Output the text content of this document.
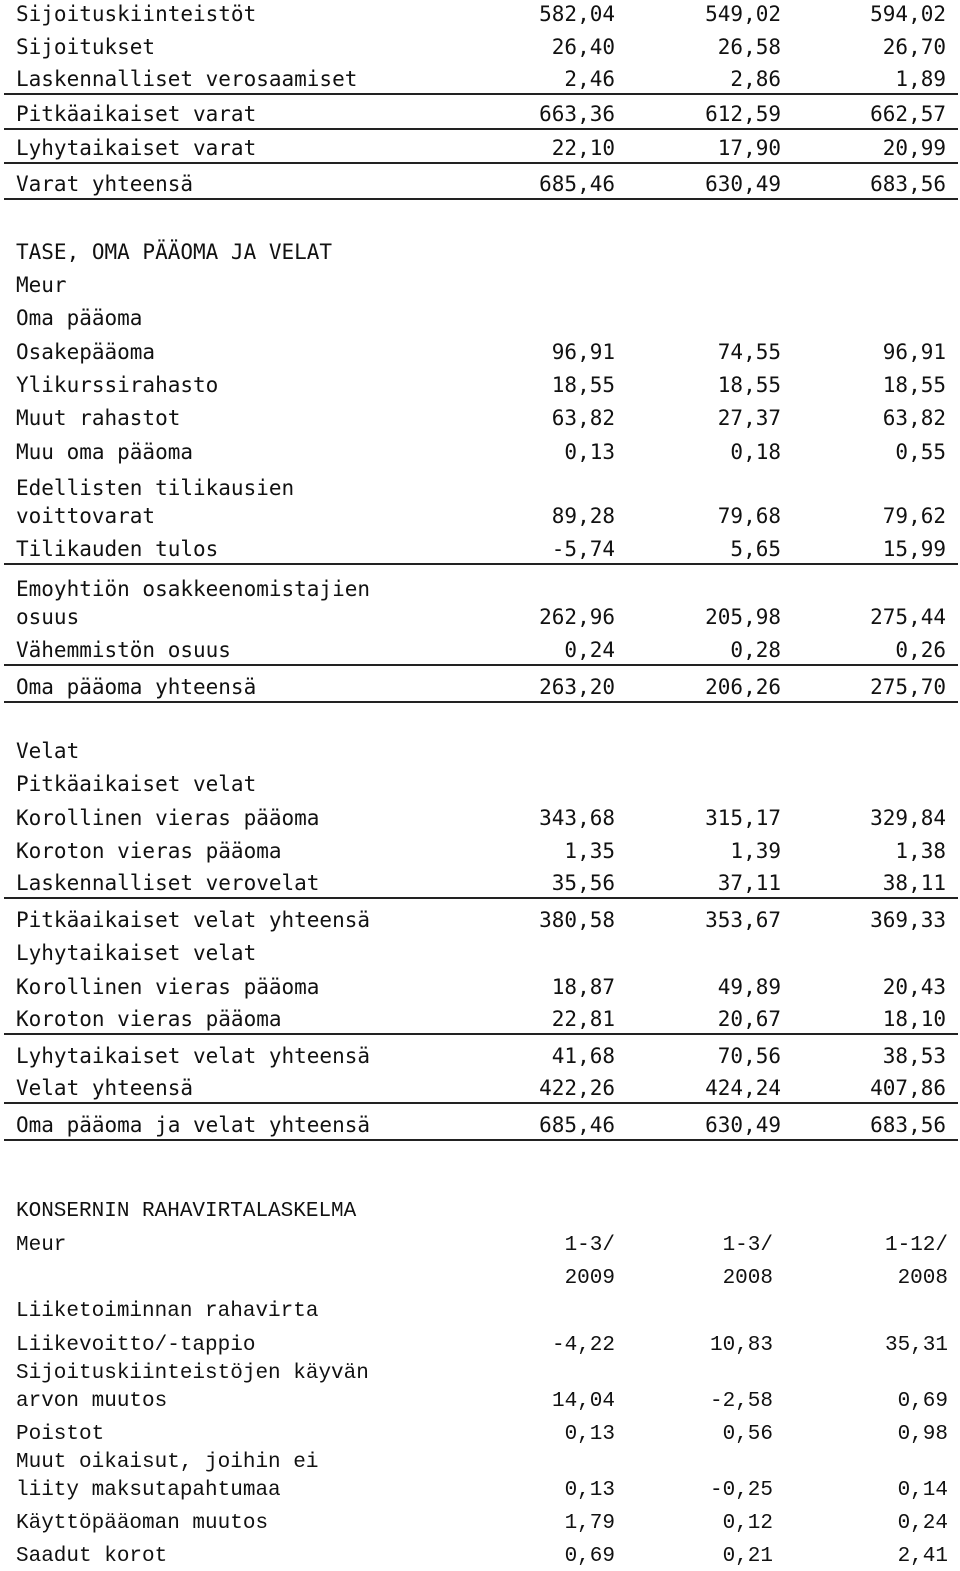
Sijoituskiinteistöt	582,04	549,02	594,02
Sijoitukset	26,40	26,58	26,70
Laskennalliset verosaamiset	2,46	2,86	1,89
Pitkäaikaiset varat	663,36	612,59	662,57
Lyhytaikaiset varat	22,10	17,90	20,99
Varat yhteensä	685,46	630,49	683,56

TASE, OMA PÄÄOMA JA VELAT			
Meur			
Oma pääoma			
Osakepääoma	96,91	74,55	96,91
Ylikurssirahasto	18,55	18,55	18,55
Muut rahastot	63,82	27,37	63,82
Muu oma pääoma	0,13	0,18	0,55
Edellisten tilikausien
voittovarat	89,28	79,68	79,62
Tilikauden tulos	-5,74	5,65	15,99
Emoyhtiön osakkeenomistajien
osuus	262,96	205,98	275,44
Vähemmistön osuus	0,24	0,28	0,26
Oma pääoma yhteensä	263,20	206,26	275,70

Velat			
Pitkäaikaiset velat			
Korollinen vieras pääoma	343,68	315,17	329,84
Koroton vieras pääoma	1,35	1,39	1,38
Laskennalliset verovelat	35,56	37,11	38,11
Pitkäaikaiset velat yhteensä	380,58	353,67	369,33
Lyhytaikaiset velat			
Korollinen vieras pääoma	18,87	49,89	20,43
Koroton vieras pääoma	22,81	20,67	18,10
Lyhytaikaiset velat yhteensä	41,68	70,56	38,53
Velat yhteensä	422,26	424,24	407,86
Oma pääoma ja velat yhteensä	685,46	630,49	683,56
KONSERNIN RAHAVIRTALASKELMA			
Meur	1-3/	1-3/	1-12/
	2009	2008	2008
Liiketoiminnan rahavirta			
Liikevoitto/-tappio	-4,22	10,83	35,31
Sijoituskiinteistöjen käyvän
arvon muutos	14,04	-2,58	0,69
Poistot	0,13	0,56	0,98
Muut oikaisut, joihin ei
liity maksutapahtumaa	0,13	-0,25	0,14
Käyttöpääoman muutos	1,79	0,12	0,24
Saadut korot	0,69	0,21	2,41
